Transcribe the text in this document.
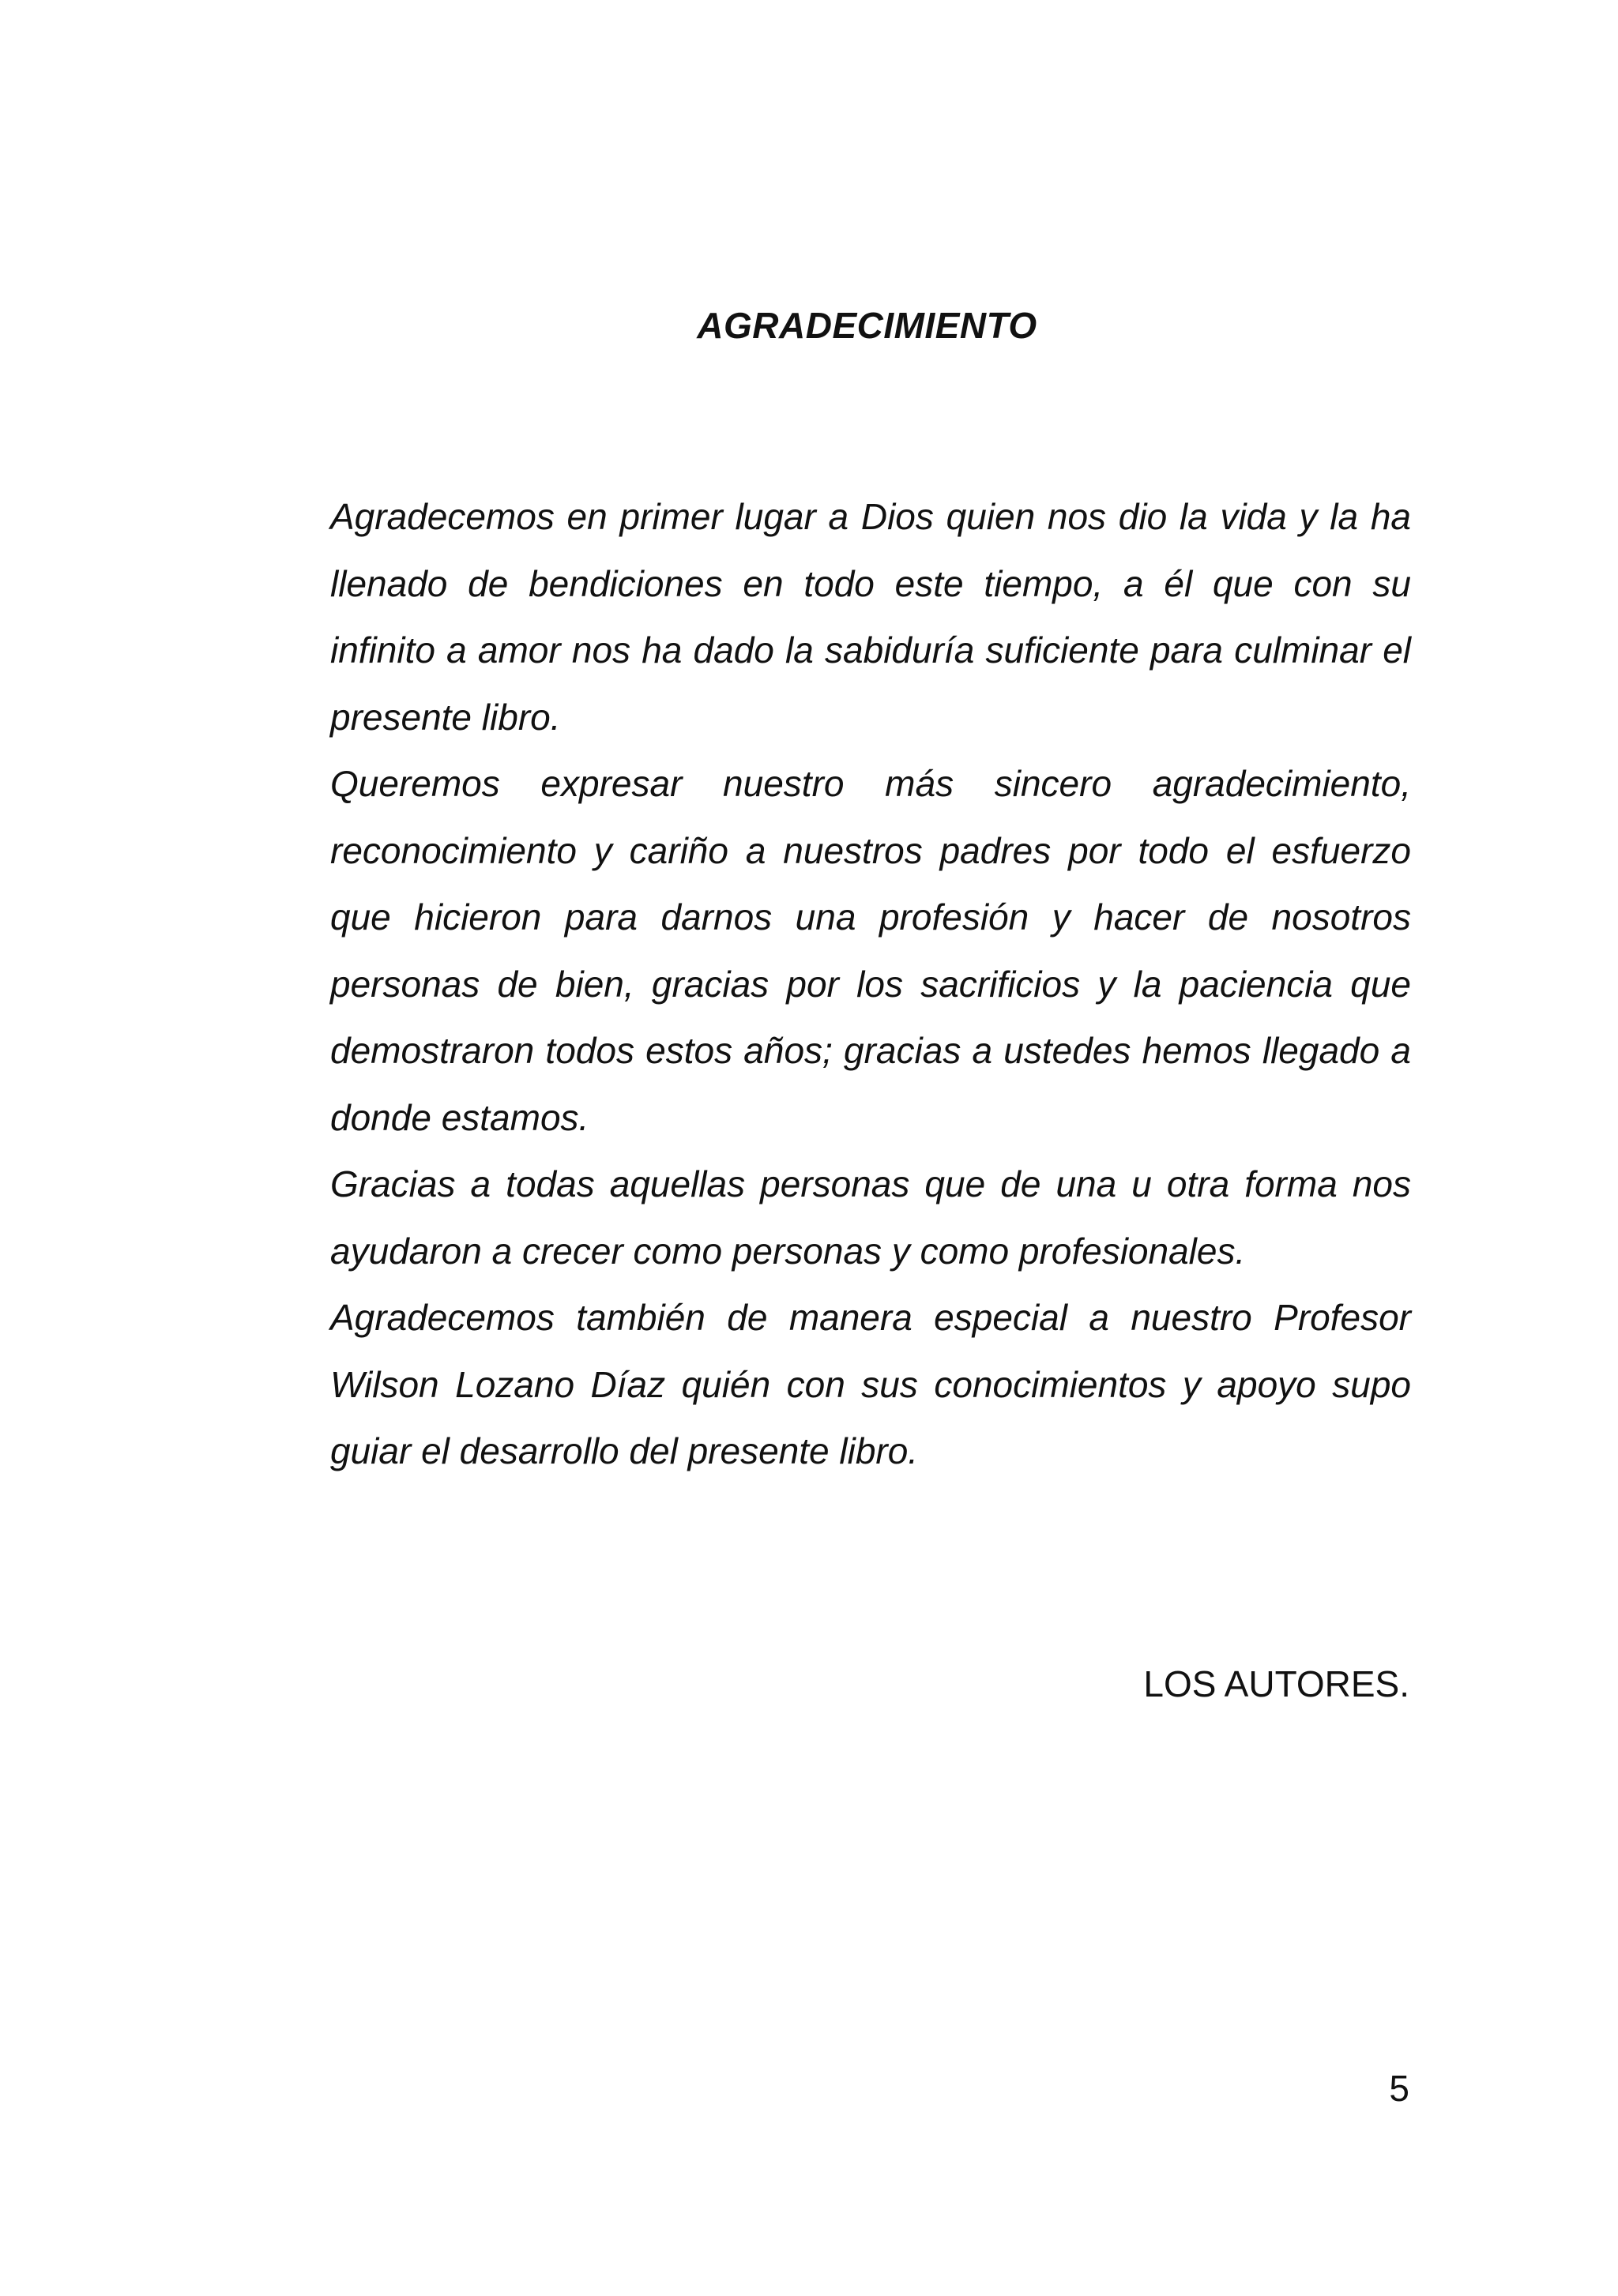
AGRADECIMIENTO

Agradecemos en primer lugar a Dios quien nos dio la vida y la ha llenado de bendiciones en todo este tiempo, a él que con su infinito a amor nos ha dado la sabiduría suficiente para culminar el presente libro.

Queremos expresar nuestro más sincero agradecimiento, reconocimiento y cariño a nuestros padres por todo el esfuerzo que hicieron para darnos una profesión y hacer de nosotros personas de bien, gracias por los sacrificios y la paciencia que demostraron todos estos años; gracias a ustedes hemos llegado a donde estamos.

Gracias a todas aquellas personas que de una u otra forma nos ayudaron a crecer como personas y como profesionales.

Agradecemos también de manera especial a nuestro Profesor Wilson Lozano Díaz quién con sus conocimientos y apoyo supo guiar el desarrollo del presente libro.

LOS AUTORES.

5
